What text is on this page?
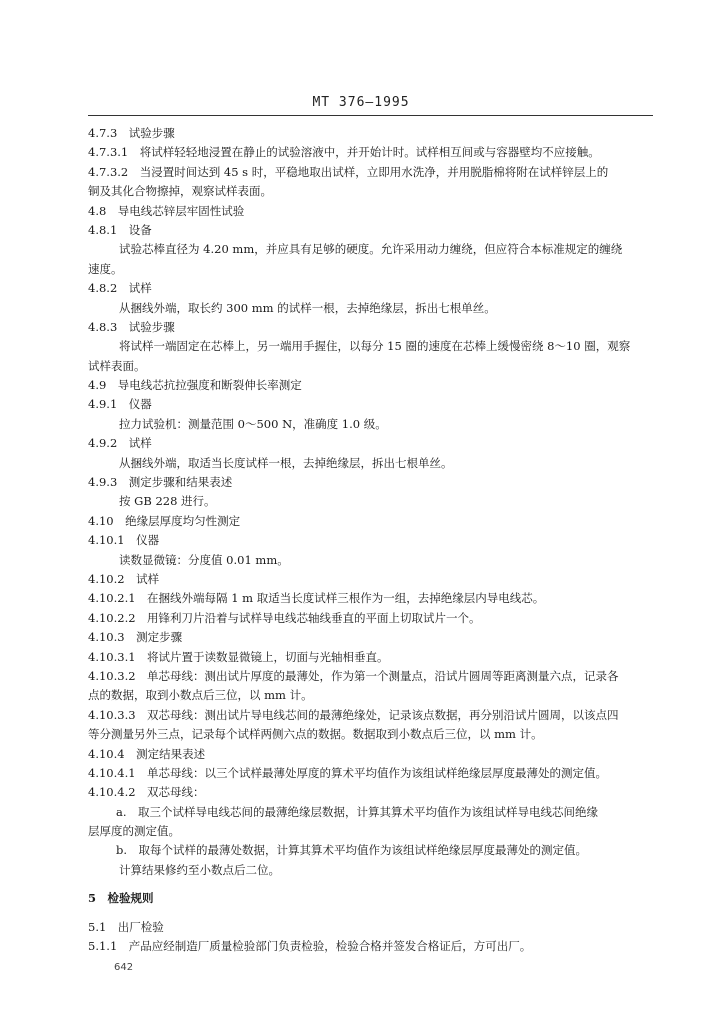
MT 376—1995
4.7.3　试验步骤
4.7.3.1　将试样轻轻地浸置在静止的试验溶液中，并开始计时。试样相互间或与容器壁均不应接触。
4.7.3.2　当浸置时间达到 45 s 时，平稳地取出试样，立即用水洗净，并用脱脂棉将附在试样锌层上的
铜及其化合物擦掉，观察试样表面。
4.8　导电线芯锌层牢固性试验
4.8.1　设备
试验芯棒直径为 4.20 mm，并应具有足够的硬度。允许采用动力缠绕，但应符合本标准规定的缠绕
速度。
4.8.2　试样
从捆线外端，取长约 300 mm 的试样一根，去掉绝缘层，拆出七根单丝。
4.8.3　试验步骤
将试样一端固定在芯棒上，另一端用手握住，以每分 15 圈的速度在芯棒上缓慢密绕 8～10 圈，观察
试样表面。
4.9　导电线芯抗拉强度和断裂伸长率测定
4.9.1　仪器
拉力试验机：测量范围 0～500 N，准确度 1.0 级。
4.9.2　试样
从捆线外端，取适当长度试样一根，去掉绝缘层，拆出七根单丝。
4.9.3　测定步骤和结果表述
按 GB 228 进行。
4.10　绝缘层厚度均匀性测定
4.10.1　仪器
读数显微镜：分度值 0.01 mm。
4.10.2　试样
4.10.2.1　在捆线外端每隔 1 m 取适当长度试样三根作为一组，去掉绝缘层内导电线芯。
4.10.2.2　用锋利刀片沿着与试样导电线芯轴线垂直的平面上切取试片一个。
4.10.3　测定步骤
4.10.3.1　将试片置于读数显微镜上，切面与光轴相垂直。
4.10.3.2　单芯母线：测出试片厚度的最薄处，作为第一个测量点，沿试片圆周等距离测量六点，记录各
点的数据，取到小数点后三位，以 mm 计。
4.10.3.3　双芯母线：测出试片导电线芯间的最薄绝缘处，记录该点数据，再分别沿试片圆周，以该点四
等分测量另外三点，记录每个试样两侧六点的数据。数据取到小数点后三位，以 mm 计。
4.10.4　测定结果表述
4.10.4.1　单芯母线：以三个试样最薄处厚度的算术平均值作为该组试样绝缘层厚度最薄处的测定值。
4.10.4.2　双芯母线：
a.　取三个试样导电线芯间的最薄绝缘层数据，计算其算术平均值作为该组试样导电线芯间绝缘
层厚度的测定值。
b.　取每个试样的最薄处数据，计算其算术平均值作为该组试样绝缘层厚度最薄处的测定值。
计算结果修约至小数点后二位。
5　检验规则
5.1　出厂检验
5.1.1　产品应经制造厂质量检验部门负责检验，检验合格并签发合格证后，方可出厂。
642
